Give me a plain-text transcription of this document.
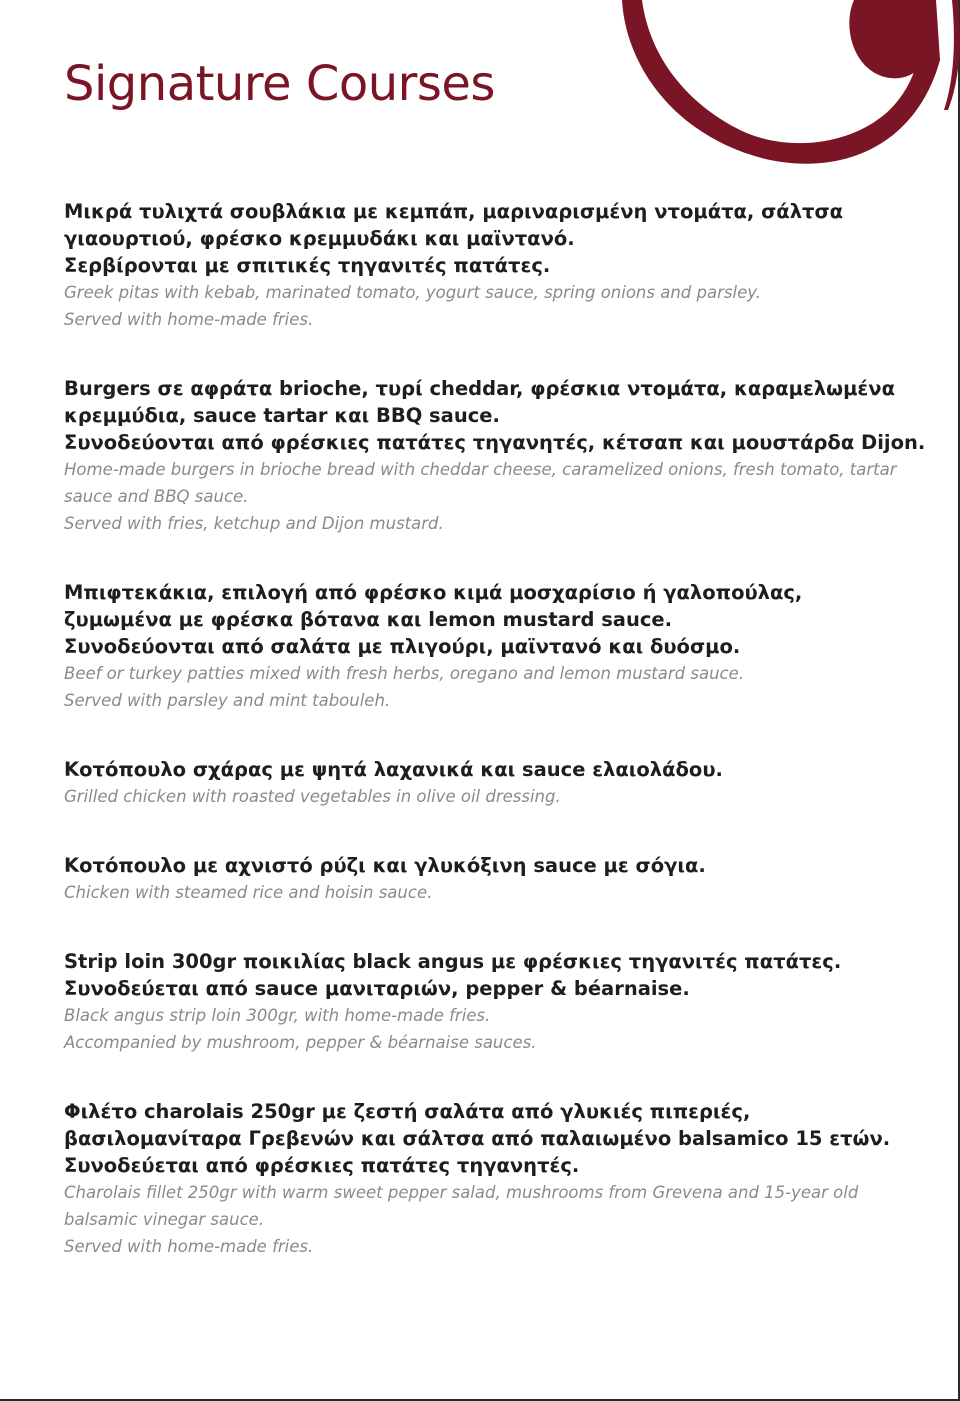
Signature Courses
Μικρά τυλιχτά σουβλάκια με κεμπάπ, μαριναρισμένη ντομάτα, σάλτσα
γιαουρτιού, φρέσκο κρεμμυδάκι και μαϊντανό.
Σερβίρονται με σπιτικές τηγανιτές πατάτες.
Greek pitas with kebab, marinated tomato, yogurt sauce, spring onions and parsley.
Served with home-made fries.
Burgers σε αφράτα brioche, τυρί cheddar, φρέσκια ντομάτα, καραμελωμένα
κρεμμύδια, sauce tartar και BBQ sauce.
Συνοδεύονται από φρέσκιες πατάτες τηγανητές, κέτσαπ και μουστάρδα Dijon.
Home-made burgers in brioche bread with cheddar cheese, caramelized onions, fresh tomato, tartar
sauce and BBQ sauce.
Served with fries, ketchup and Dijon mustard.
Μπιφτεκάκια, επιλογή από φρέσκο κιμά μοσχαρίσιο ή γαλοπούλας,
ζυμωμένα με φρέσκα βότανα και lemon mustard sauce.
Συνοδεύονται από σαλάτα με πλιγούρι, μαϊντανό και δυόσμο.
Beef or turkey patties mixed with fresh herbs, oregano and lemon mustard sauce.
Served with parsley and mint tabouleh.
Κοτόπουλο σχάρας με ψητά λαχανικά και sauce ελαιολάδου.
Grilled chicken with roasted vegetables in olive oil dressing.
Κοτόπουλο με αχνιστό ρύζι και γλυκόξινη sauce με σόγια.
Chicken with steamed rice and hoisin sauce.
Strip loin 300gr ποικιλίας black angus με φρέσκιες τηγανιτές πατάτες.
Συνοδεύεται από sauce μανιταριών, pepper & béarnaise.
Black angus strip loin 300gr, with home-made fries.
Accompanied by mushroom, pepper & béarnaise sauces.
Φιλέτο charolais 250gr με ζεστή σαλάτα από γλυκιές πιπεριές,
βασιλομανίταρα Γρεβενών και σάλτσα από παλαιωμένο balsamico 15 ετών.
Συνοδεύεται από φρέσκιες πατάτες τηγανητές.
Charolais fillet 250gr with warm sweet pepper salad, mushrooms from Grevena and 15-year old
balsamic vinegar sauce.
Served with home-made fries.
